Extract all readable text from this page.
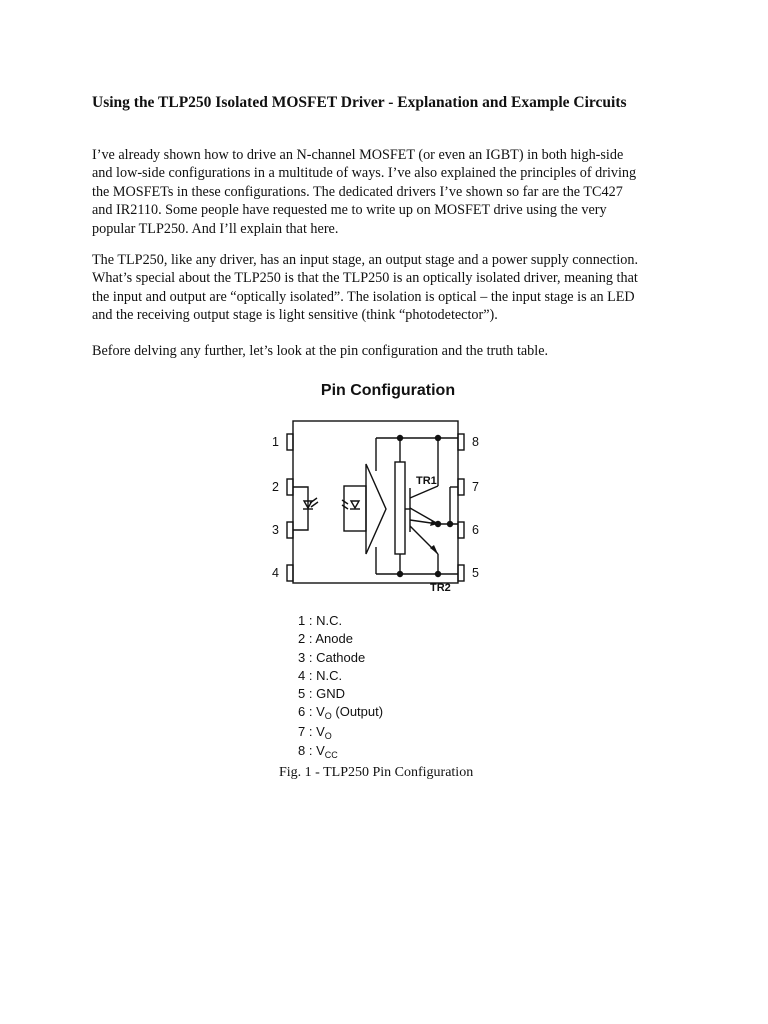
Using the TLP250 Isolated MOSFET Driver - Explanation and Example Circuits

I’ve already shown how to drive an N-channel MOSFET (or even an IGBT) in both high-side
and low-side configurations in a multitude of ways. I’ve also explained the principles of driving
the MOSFETs in these configurations. The dedicated drivers I’ve shown so far are the TC427
and IR2110. Some people have requested me to write up on MOSFET drive using the very
popular TLP250. And I’ll explain that here.

The TLP250, like any driver, has an input stage, an output stage and a power supply connection.
What’s special about the TLP250 is that the TLP250 is an optically isolated driver, meaning that
the input and output are “optically isolated”. The isolation is optical – the input stage is an LED
and the receiving output stage is light sensitive (think “photodetector”).

Before delving any further, let’s look at the pin configuration and the truth table.

Pin Configuration
1
2
3
4
8
7
6
5
TR1
TR2
1 : N.C.
2 : Anode
3 : Cathode
4 : N.C.
5 : GND
6 : $V_O$ (Output)
7 : $V_O$
8 : $V_{CC}$

Fig. 1 - TLP250 Pin Configuration
